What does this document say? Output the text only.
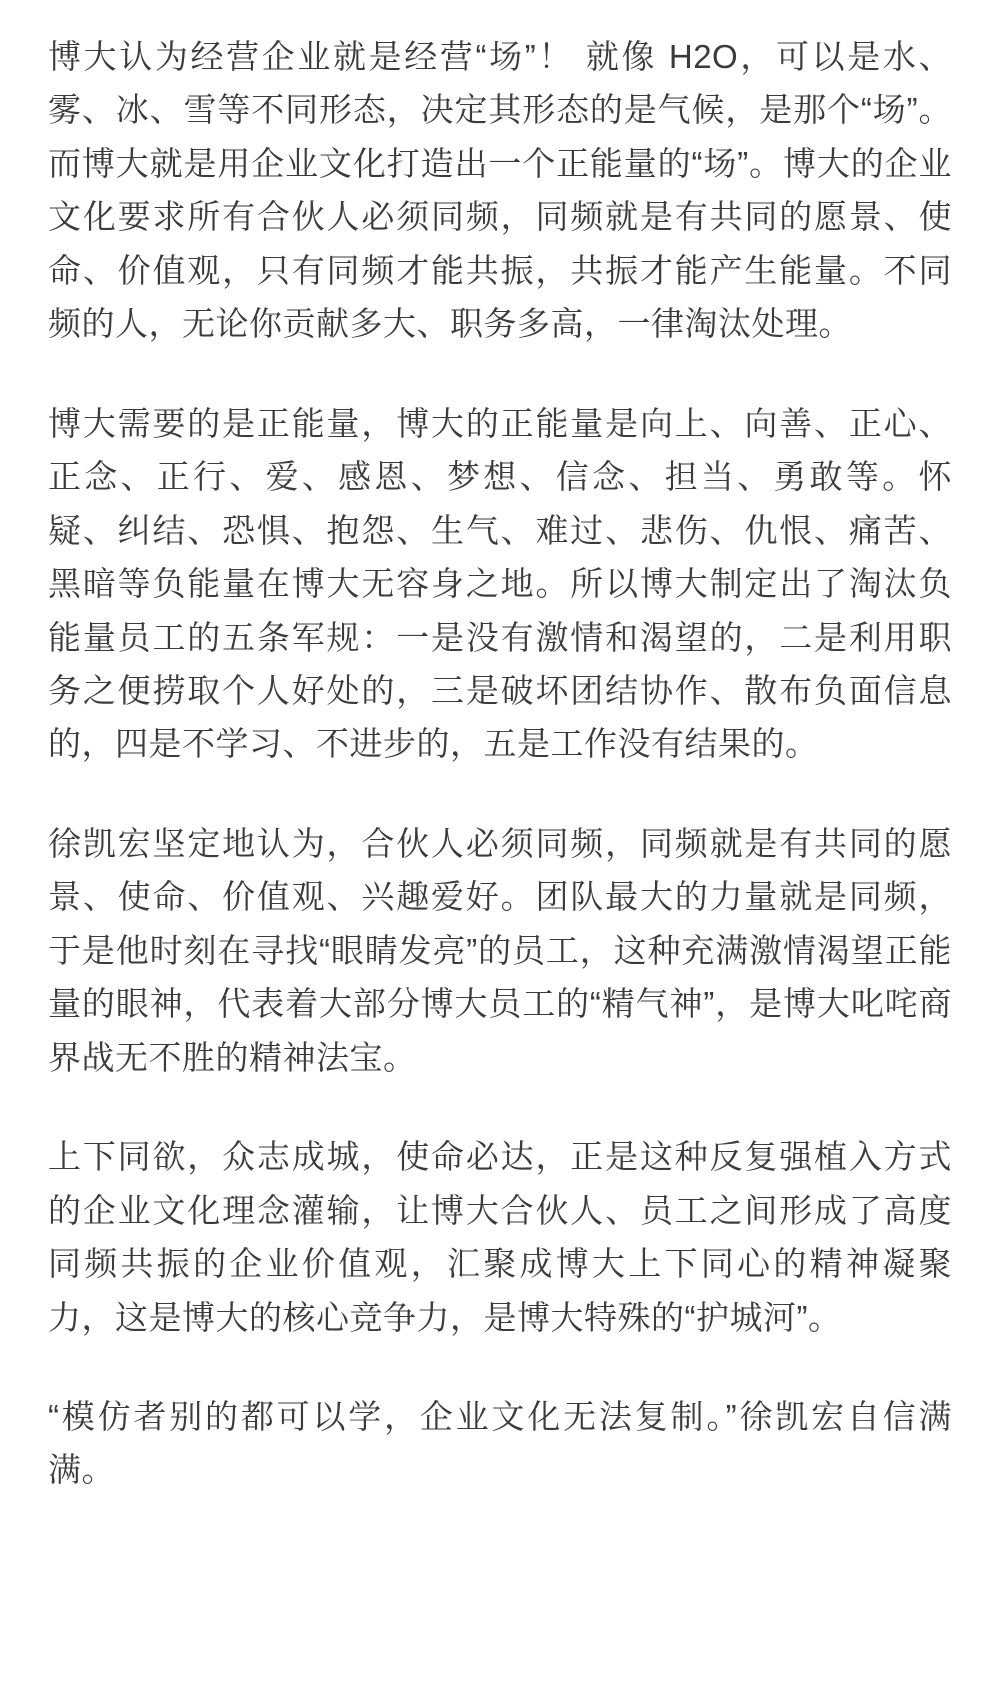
博大认为经营企业就是经营“场”！ 就像 H2O，可以是水、雾、冰、雪等不同形态，决定其形态的是气候，是那个“场”。而博大就是用企业文化打造出一个正能量的“场”。博大的企业文化要求所有合伙人必须同频，同频就是有共同的愿景、使命、价值观，只有同频才能共振，共振才能产生能量。不同频的人，无论你贡献多大、职务多高，一律淘汰处理。

博大需要的是正能量，博大的正能量是向上、向善、正心、正念、正行、爱、感恩、梦想、信念、担当、勇敢等。怀疑、纠结、恐惧、抱怨、生气、难过、悲伤、仇恨、痛苦、黑暗等负能量在博大无容身之地。所以博大制定出了淘汰负能量员工的五条军规：一是没有激情和渴望的，二是利用职务之便捞取个人好处的，三是破坏团结协作、散布负面信息的，四是不学习、不进步的，五是工作没有结果的。

徐凯宏坚定地认为，合伙人必须同频，同频就是有共同的愿景、使命、价值观、兴趣爱好。团队最大的力量就是同频，于是他时刻在寻找“眼睛发亮”的员工，这种充满激情渴望正能量的眼神，代表着大部分博大员工的“精气神”，是博大叱咤商界战无不胜的精神法宝。

上下同欲，众志成城，使命必达，正是这种反复强植入方式的企业文化理念灌输，让博大合伙人、员工之间形成了高度同频共振的企业价值观，汇聚成博大上下同心的精神凝聚力，这是博大的核心竞争力，是博大特殊的“护城河”。

“模仿者别的都可以学，企业文化无法复制。”徐凯宏自信满满。
